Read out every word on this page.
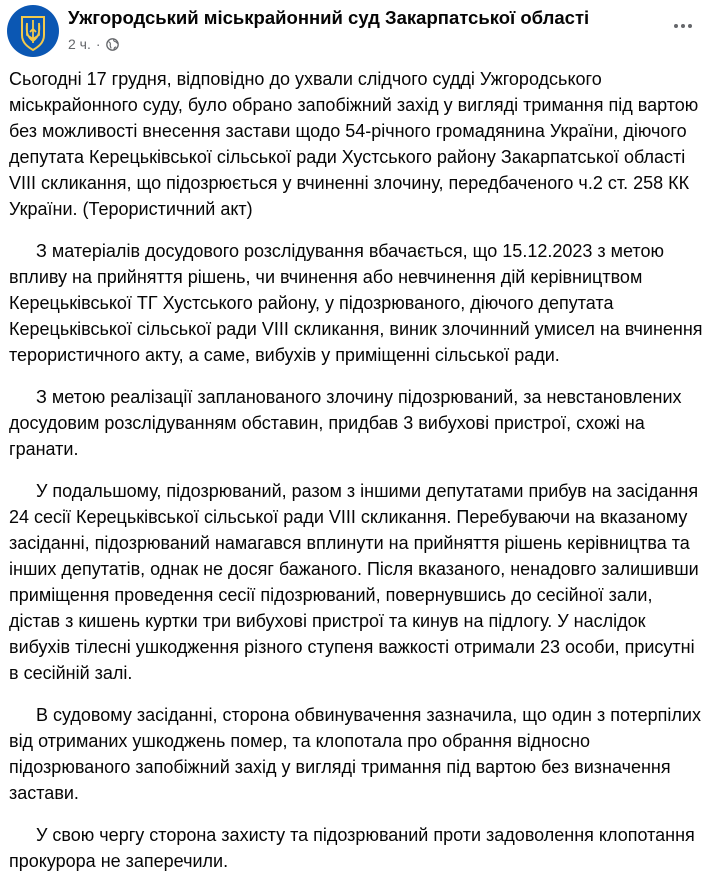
Ужгородський міськрайонний суд Закарпатської області
2 ч. ·

Сьогодні 17 грудня, відповідно до ухвали слідчого судді Ужгородського міськрайонного суду, було обрано запобіжний захід у вигляді тримання під вартою без можливості внесення застави щодо 54-річного громадянина України, діючого депутата Керецьківської сільської ради Хустського району Закарпатської області VIII скликання, що підозрюється у вчиненні злочину, передбаченого ч.2 ст. 258 КК України. (Терористичний акт)

З матеріалів досудового розслідування вбачається, що 15.12.2023 з метою впливу на прийняття рішень, чи вчинення або невчинення дій керівництвом Керецьківської ТГ Хустського району, у підозрюваного, діючого депутата Керецьківської сільської ради VIII скликання, виник злочинний умисел на вчинення терористичного акту, а саме, вибухів у приміщенні сільської ради.

З метою реалізації запланованого злочину підозрюваний, за невстановлених досудовим розслідуванням обставин, придбав 3 вибухові пристрої, схожі на гранати.

У подальшому, підозрюваний, разом з іншими депутатами прибув на засідання 24 сесії Керецьківської сільської ради VIII скликання. Перебуваючи на вказаному засіданні, підозрюваний намагався вплинути на прийняття рішень керівництва та інших депутатів, однак не досяг бажаного. Після вказаного, ненадовго залишивши приміщення проведення сесії підозрюваний, повернувшись до сесійної зали, дістав з кишень куртки три вибухові пристрої та кинув на підлогу. У наслідок вибухів тілесні ушкодження різного ступеня важкості отримали 23 особи, присутні в сесійній залі.

В судовому засіданні, сторона обвинувачення зазначила, що один з потерпілих від отриманих ушкоджень помер, та клопотала про обрання відносно підозрюваного запобіжний захід у вигляді тримання під вартою без визначення застави.

У свою чергу сторона захисту та підозрюваний проти задоволення клопотання прокурора не заперечили.
